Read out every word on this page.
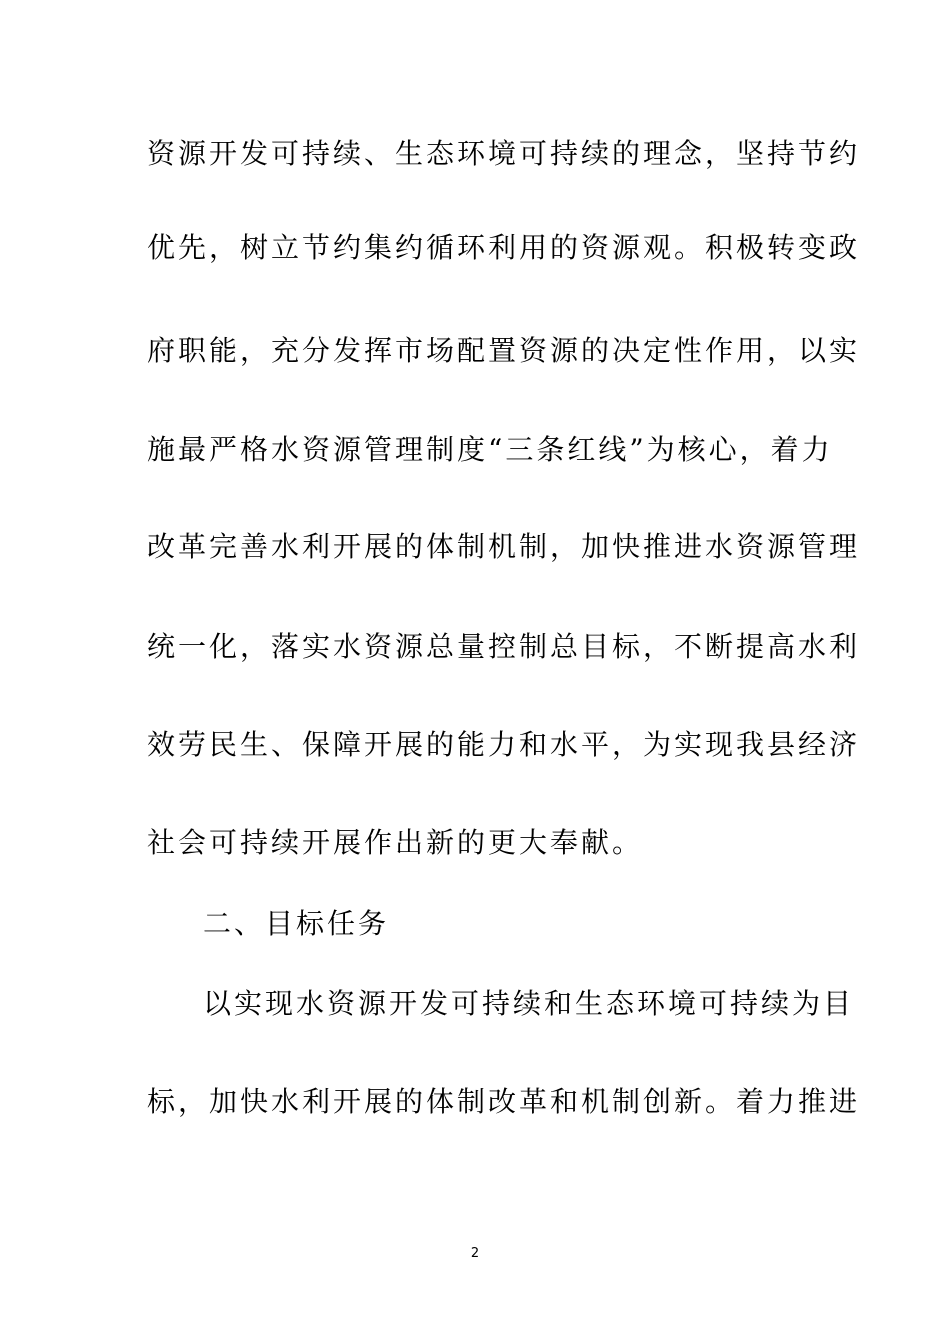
资源开发可持续、生态环境可持续的理念，坚持节约
优先，树立节约集约循环利用的资源观。积极转变政
府职能，充分发挥市场配置资源的决定性作用，以实
施最严格水资源管理制度“三条红线”为核心，着力
改革完善水利开展的体制机制，加快推进水资源管理
统一化，落实水资源总量控制总目标，不断提高水利
效劳民生、保障开展的能力和水平，为实现我县经济
社会可持续开展作出新的更大奉献。
二、目标任务
以实现水资源开发可持续和生态环境可持续为目
标，加快水利开展的体制改革和机制创新。着力推进
2
